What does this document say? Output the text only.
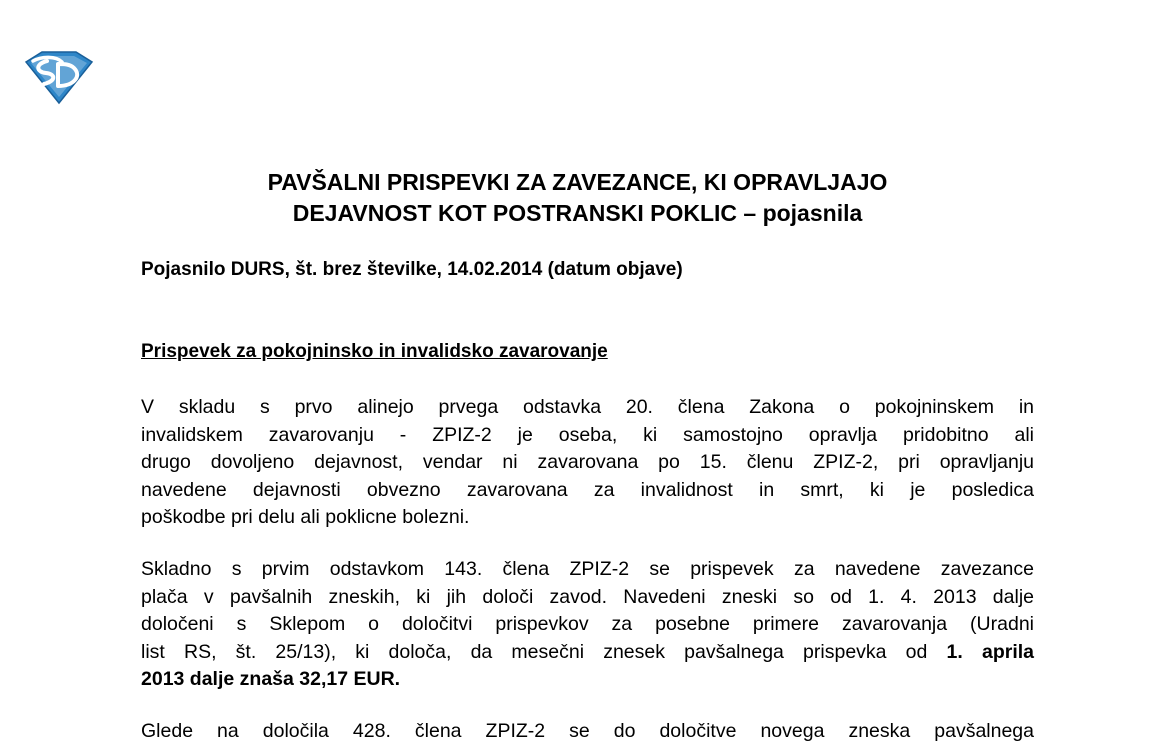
PAVŠALNI PRISPEVKI ZA ZAVEZANCE, KI OPRAVLJAJO
DEJAVNOST KOT POSTRANSKI POKLIC – pojasnila
Pojasnilo DURS, št. brez številke, 14.02.2014 (datum objave)
Prispevek za pokojninsko in invalidsko zavarovanje
V skladu s prvo alinejo prvega odstavka 20. člena Zakona o pokojninskem in
invalidskem zavarovanju - ZPIZ-2 je oseba, ki samostojno opravlja pridobitno ali
drugo dovoljeno dejavnost, vendar ni zavarovana po 15. členu ZPIZ-2, pri opravljanju
navedene dejavnosti obvezno zavarovana za invalidnost in smrt, ki je posledica
poškodbe pri delu ali poklicne bolezni.
Skladno s prvim odstavkom 143. člena ZPIZ-2 se prispevek za navedene zavezance
plača v pavšalnih zneskih, ki jih določi zavod. Navedeni zneski so od 1. 4. 2013 dalje
določeni s Sklepom o določitvi prispevkov za posebne primere zavarovanja (Uradni
list RS, št. 25/13), ki določa, da mesečni znesek pavšalnega prispevka od 1. aprila
2013 dalje znaša 32,17 EUR.
Glede na določila 428. člena ZPIZ-2 se do določitve novega zneska pavšalnega
